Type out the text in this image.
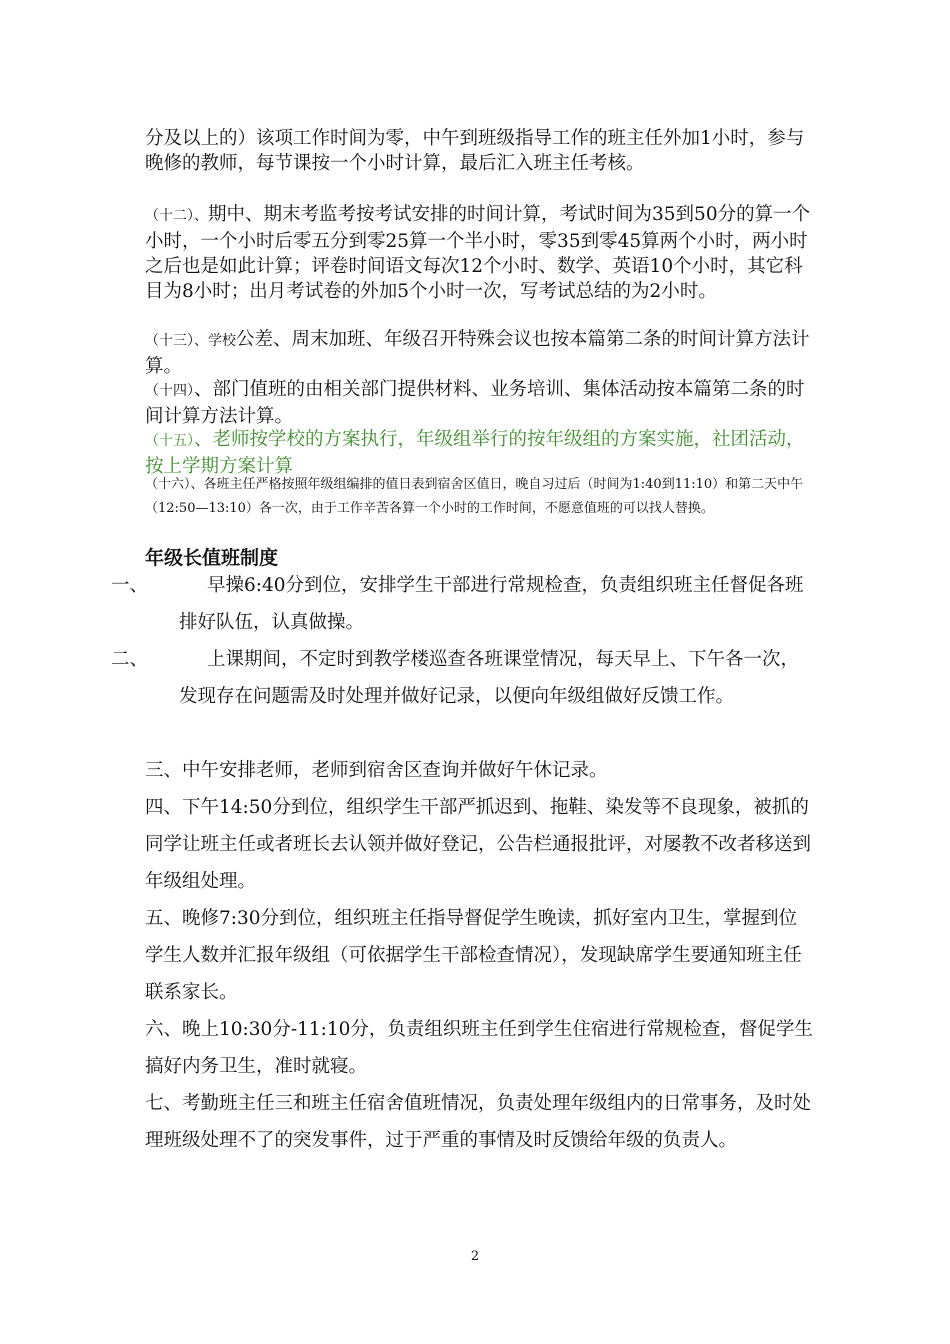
分及以上的）该项工作时间为零，中午到班级指导工作的班主任外加1小时，参与晚修的教师，每节课按一个小时计算，最后汇入班主任考核。

（十二）、期中、期末考监考按考试安排的时间计算，考试时间为35到50分的算一个小时，一个小时后零五分到零25算一个半小时，零35到零45算两个小时，两小时之后也是如此计算；评卷时间语文每次12个小时、数学、英语10个小时，其它科目为8小时；出月考试卷的外加5个小时一次，写考试总结的为2小时。

（十三）、学校公差、周末加班、年级召开特殊会议也按本篇第二条的时间计算方法计算。

（十四）、部门值班的由相关部门提供材料、业务培训、集体活动按本篇第二条的时间计算方法计算。

（十五）、老师按学校的方案执行，年级组举行的按年级组的方案实施，社团活动，按上学期方案计算

（十六）、各班主任严格按照年级组编排的值日表到宿舍区值日，晚自习过后（时间为1:40到11:10）和第二天中午（12:50—13:10）各一次，由于工作辛苦各算一个小时的工作时间，不愿意值班的可以找人替换。

年级长值班制度
一、	早操6:40分到位，安排学生干部进行常规检查，负责组织班主任督促各班排好队伍，认真做操。
二、	上课期间，不定时到教学楼巡查各班课堂情况，每天早上、下午各一次，发现存在问题需及时处理并做好记录，以便向年级组做好反馈工作。

三、中午安排老师，老师到宿舍区查询并做好午休记录。

四、下午14:50分到位，组织学生干部严抓迟到、拖鞋、染发等不良现象，被抓的同学让班主任或者班长去认领并做好登记，公告栏通报批评，对屡教不改者移送到年级组处理。

五、晚修7:30分到位，组织班主任指导督促学生晚读，抓好室内卫生，掌握到位学生人数并汇报年级组（可依据学生干部检查情况），发现缺席学生要通知班主任联系家长。

六、晚上10:30分-11:10分，负责组织班主任到学生住宿进行常规检查，督促学生搞好内务卫生，准时就寝。

七、考勤班主任三和班主任宿舍值班情况，负责处理年级组内的日常事务，及时处理班级处理不了的突发事件，过于严重的事情及时反馈给年级的负责人。

2
